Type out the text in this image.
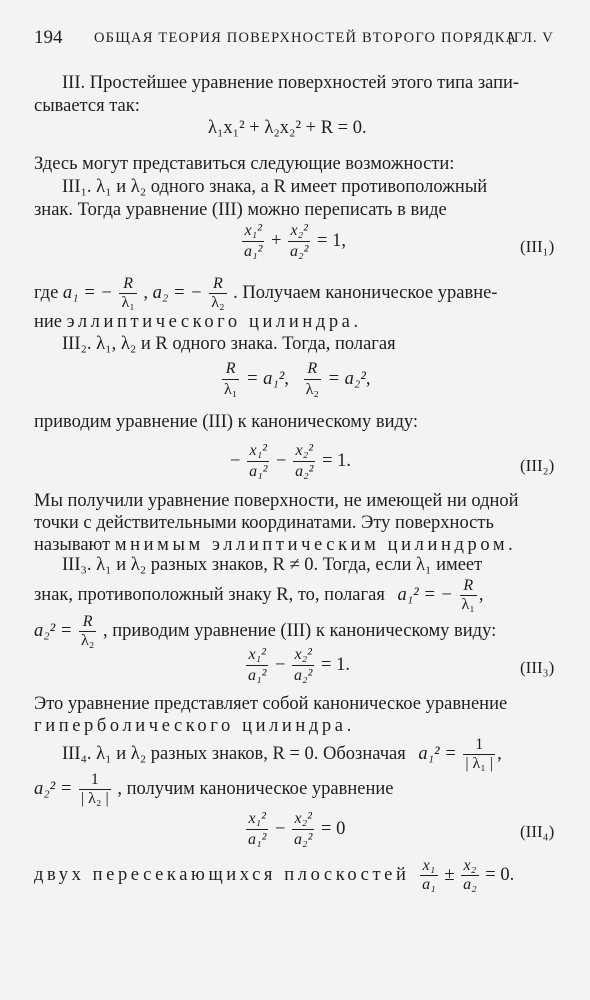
194 ОБЩАЯ ТЕОРИЯ ПОВЕРХНОСТЕЙ ВТОРОГО ПОРЯДКА
[ГЛ. V
III. Простейшее уравнение поверхностей этого типа запи-
сывается так:
λ₁x₁² + λ₂x₂² + R = 0.
Здесь могут представиться следующие возможности:
III₁. λ₁ и λ₂ одного знака, а R имеет противоположный
знак. Тогда уравнение (III) можно переписать в виде
$\frac{\text{x₁²}}{\text{a₁²}} + \frac{\text{x₂²}}{\text{a₂²}} = 1$,	(III₁)
где a₁ = − $\frac{R}{\text{λ₁}}$ , a₂ = − $\frac{R}{\text{λ₂}}$ . Получаем каноническое уравне-
ние эллиптического цилиндра.
III₂. λ₁, λ₂ и R одного знака. Тогда, полагая
$\frac{R}{\text{λ₁}} = a_1^2$, $\frac{R}{\text{λ₂}} = a_2^2$,
приводим уравнение (III) к каноническому виду:
− $\frac{\text{x₁²}}{\text{a₁²}} - \frac{\text{x₂²}}{\text{a₂²}} = 1$.	(III₂)
Мы получили уравнение поверхности, не имеющей ни одной
точки с действительными координатами. Эту поверхность
называют мнимым эллиптическим цилиндром.
III₃. λ₁ и λ₂ разных знаков, R ≠ 0. Тогда, если λ₁ имеет
знак, противоположный знаку R, то, полагая a₁² = − $\frac{R}{\text{λ₁}}$ ,
$a_2^2 = \frac{R}{\text{λ₂}}$ , приводим уравнение (III) к каноническому виду:
$\frac{\text{x₁²}}{\text{a₁²}} - \frac{\text{x₂²}}{\text{a₂²}} = 1$.	(III₃)
Это уравнение представляет собой каноническое уравнение
гиперболического цилиндра.
III₄. λ₁ и λ₂ разных знаков, R = 0. Обозначая $a_1^2 = \frac{1}{\text{| λ₁ |}}$ ,
$a_2^2 = \frac{1}{\text{| λ₂ |}}$ , получим каноническое уравнение
$\frac{\text{x₁²}}{\text{a₁²}} - \frac{\text{x₂²}}{\text{a₂²}} = 0$	(III₄)
двух пересекающихся плоскостей $\frac{\text{x₁}}{\text{a₁}} \pm \frac{\text{x₂}}{\text{a₂}} = 0$.
